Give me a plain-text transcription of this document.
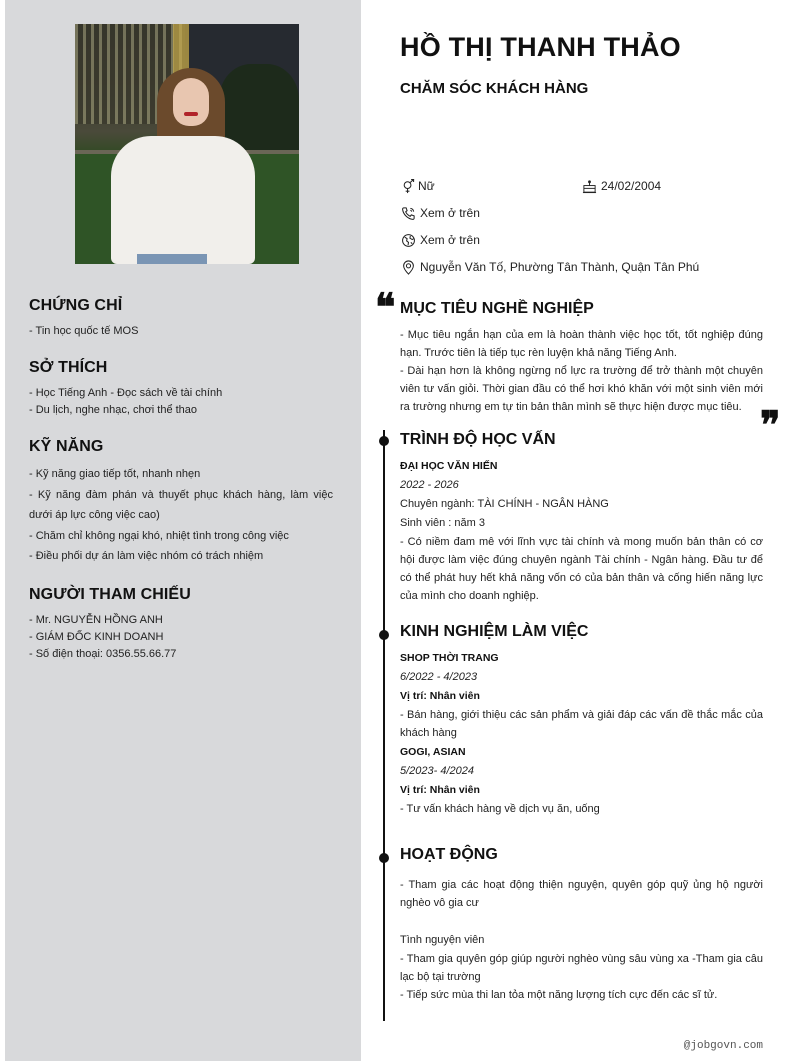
CHỨNG CHỈ
- Tin học quốc tế MOS
SỞ THÍCH
- Học Tiếng Anh - Đọc sách về tài chính
- Du lịch, nghe nhạc, chơi thể thao
KỸ NĂNG
- Kỹ năng giao tiếp tốt, nhanh nhẹn
- Kỹ năng đàm phán và thuyết phục khách hàng, làm việc dưới áp lực công việc cao)
- Chăm chỉ không ngại khó, nhiệt tình trong công việc
- Điều phối dự án làm việc nhóm có trách nhiệm
NGƯỜI THAM CHIẾU
- Mr. NGUYỄN HỒNG ANH
- GIÁM ĐỐC KINH DOANH
- Số điện thoại: 0356.55.66.77
HỒ THỊ THANH THẢO
CHĂM SÓC KHÁCH HÀNG
Nữ	24/02/2004
Xem ở trên
Xem ở trên
Nguyễn Văn Tố, Phường Tân Thành, Quận Tân Phú
❝ MỤC TIÊU NGHỀ NGHIỆP
- Mục tiêu ngắn hạn của em là hoàn thành việc học tốt, tốt nghiệp đúng hạn. Trước tiên là tiếp tục rèn luyện khả năng Tiếng Anh.
- Dài hạn hơn là không ngừng nổ lực ra trường để trở thành một chuyên viên tư vấn giỏi. Thời gian đầu có thể hơi khó khăn với một sinh viên mới ra trường nhưng em tự tin bản thân mình sẽ thực hiện được mục tiêu. ❞
TRÌNH ĐỘ HỌC VẤN
ĐẠI HỌC VĂN HIẾN
2022 - 2026
Chuyên ngành: TÀI CHÍNH - NGÂN HÀNG
Sinh viên : năm 3
- Có niềm đam mê với lĩnh vực tài chính và mong muốn bản thân có cơ hội được làm việc đúng chuyên ngành Tài chính - Ngân hàng. Đầu tư để có thể phát huy hết khả năng vốn có của bản thân và cống hiến năng lực của mình cho doanh nghiệp.
KINH NGHIỆM LÀM VIỆC
SHOP THỜI TRANG
6/2022 - 4/2023
Vị trí: Nhân viên
- Bán hàng, giới thiệu các sản phẩm và giải đáp các vấn đề thắc mắc của khách hàng
GOGI, ASIAN
5/2023- 4/2024
Vị trí: Nhân viên
- Tư vấn khách hàng về dịch vụ ăn, uống
HOẠT ĐỘNG
- Tham gia các hoạt động thiện nguyện, quyên góp quỹ ủng hộ người nghèo vô gia cư
Tình nguyện viên
- Tham gia quyên góp giúp người nghèo vùng sâu vùng xa -Tham gia câu lạc bộ tại trường
- Tiếp sức mùa thi lan tỏa một năng lượng tích cực đến các sĩ tử.
@jobgovn.com
